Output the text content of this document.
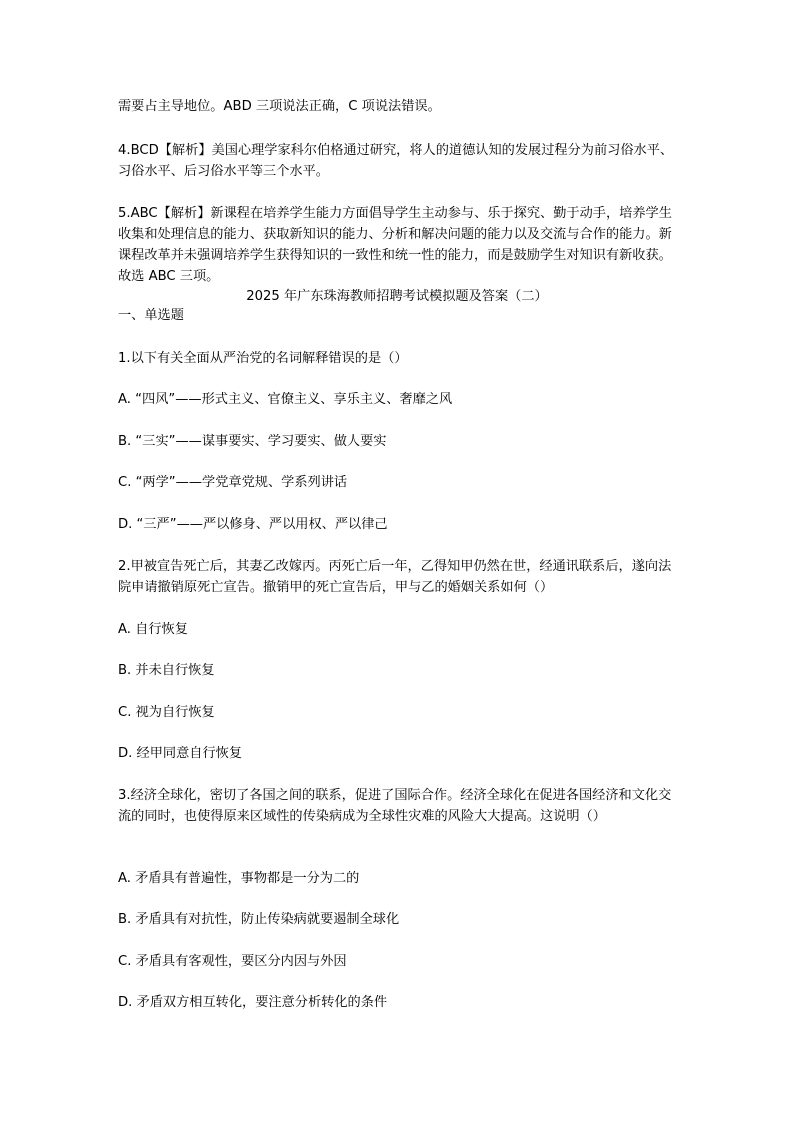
需要占主导地位。ABD 三项说法正确，C 项说法错误。
4.BCD【解析】美国心理学家科尔伯格通过研究，将人的道德认知的发展过程分为前习俗水平、习俗水平、后习俗水平等三个水平。
5.ABC【解析】新课程在培养学生能力方面倡导学生主动参与、乐于探究、勤于动手，培养学生收集和处理信息的能力、获取新知识的能力、分析和解决问题的能力以及交流与合作的能力。新课程改革并未强调培养学生获得知识的一致性和统一性的能力，而是鼓励学生对知识有新收获。故选 ABC 三项。
2025 年广东珠海教师招聘考试模拟题及答案（二）
一、单选题
1.以下有关全面从严治党的名词解释错误的是（）
A. “四风”——形式主义、官僚主义、享乐主义、奢靡之风
B. “三实”——谋事要实、学习要实、做人要实
C. “两学”——学党章党规、学系列讲话
D. “三严”——严以修身、严以用权、严以律己
2.甲被宣告死亡后，其妻乙改嫁丙。丙死亡后一年，乙得知甲仍然在世，经通讯联系后，遂向法院申请撤销原死亡宣告。撤销甲的死亡宣告后，甲与乙的婚姻关系如何（）
A. 自行恢复
B. 并未自行恢复
C. 视为自行恢复
D. 经甲同意自行恢复
3.经济全球化，密切了各国之间的联系，促进了国际合作。经济全球化在促进各国经济和文化交流的同时，也使得原来区域性的传染病成为全球性灾难的风险大大提高。这说明（）
A. 矛盾具有普遍性，事物都是一分为二的
B. 矛盾具有对抗性，防止传染病就要遏制全球化
C. 矛盾具有客观性，要区分内因与外因
D. 矛盾双方相互转化，要注意分析转化的条件
